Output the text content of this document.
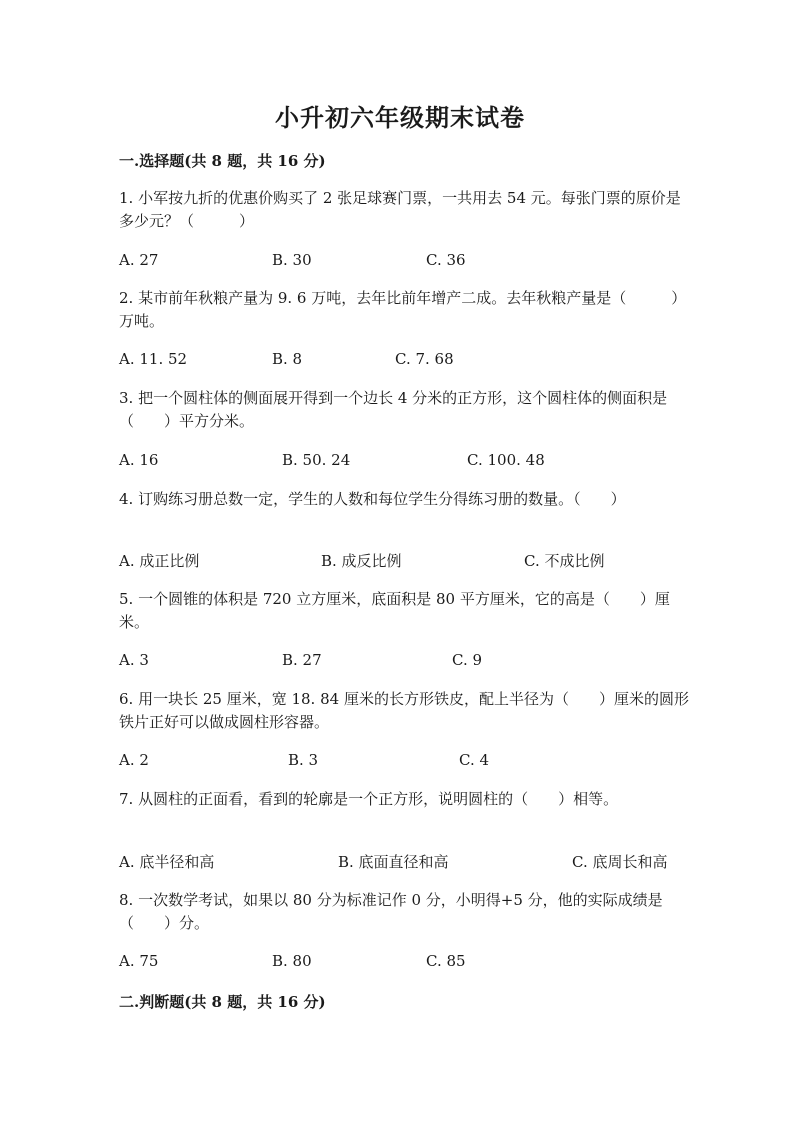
小升初六年级期末试卷
一.选择题(共 8 题，共 16 分)
1. 小军按九折的优惠价购买了 2 张足球赛门票，一共用去 54 元。每张门票的原价是多少元？（　　　）
A. 27	B. 30	C. 36
2. 某市前年秋粮产量为 9. 6 万吨，去年比前年增产二成。去年秋粮产量是（　　　）万吨。
A. 11. 52	B. 8	C. 7. 68
3. 把一个圆柱体的侧面展开得到一个边长 4 分米的正方形，这个圆柱体的侧面积是（　　）平方分米。
A. 16	B. 50. 24	C. 100. 48
4. 订购练习册总数一定，学生的人数和每位学生分得练习册的数量。（　　）
A. 成正比例	B. 成反比例	C. 不成比例
5. 一个圆锥的体积是 720 立方厘米，底面积是 80 平方厘米，它的高是（　　）厘米。
A. 3	B. 27	C. 9
6. 用一块长 25 厘米，宽 18. 84 厘米的长方形铁皮，配上半径为（　　）厘米的圆形铁片正好可以做成圆柱形容器。
A. 2	B. 3	C. 4
7. 从圆柱的正面看，看到的轮廓是一个正方形，说明圆柱的（　　）相等。
A. 底半径和高	B. 底面直径和高	C. 底周长和高
8. 一次数学考试，如果以 80 分为标准记作 0 分，小明得+5 分，他的实际成绩是（　　）分。
A. 75	B. 80	C. 85
二.判断题(共 8 题，共 16 分)
